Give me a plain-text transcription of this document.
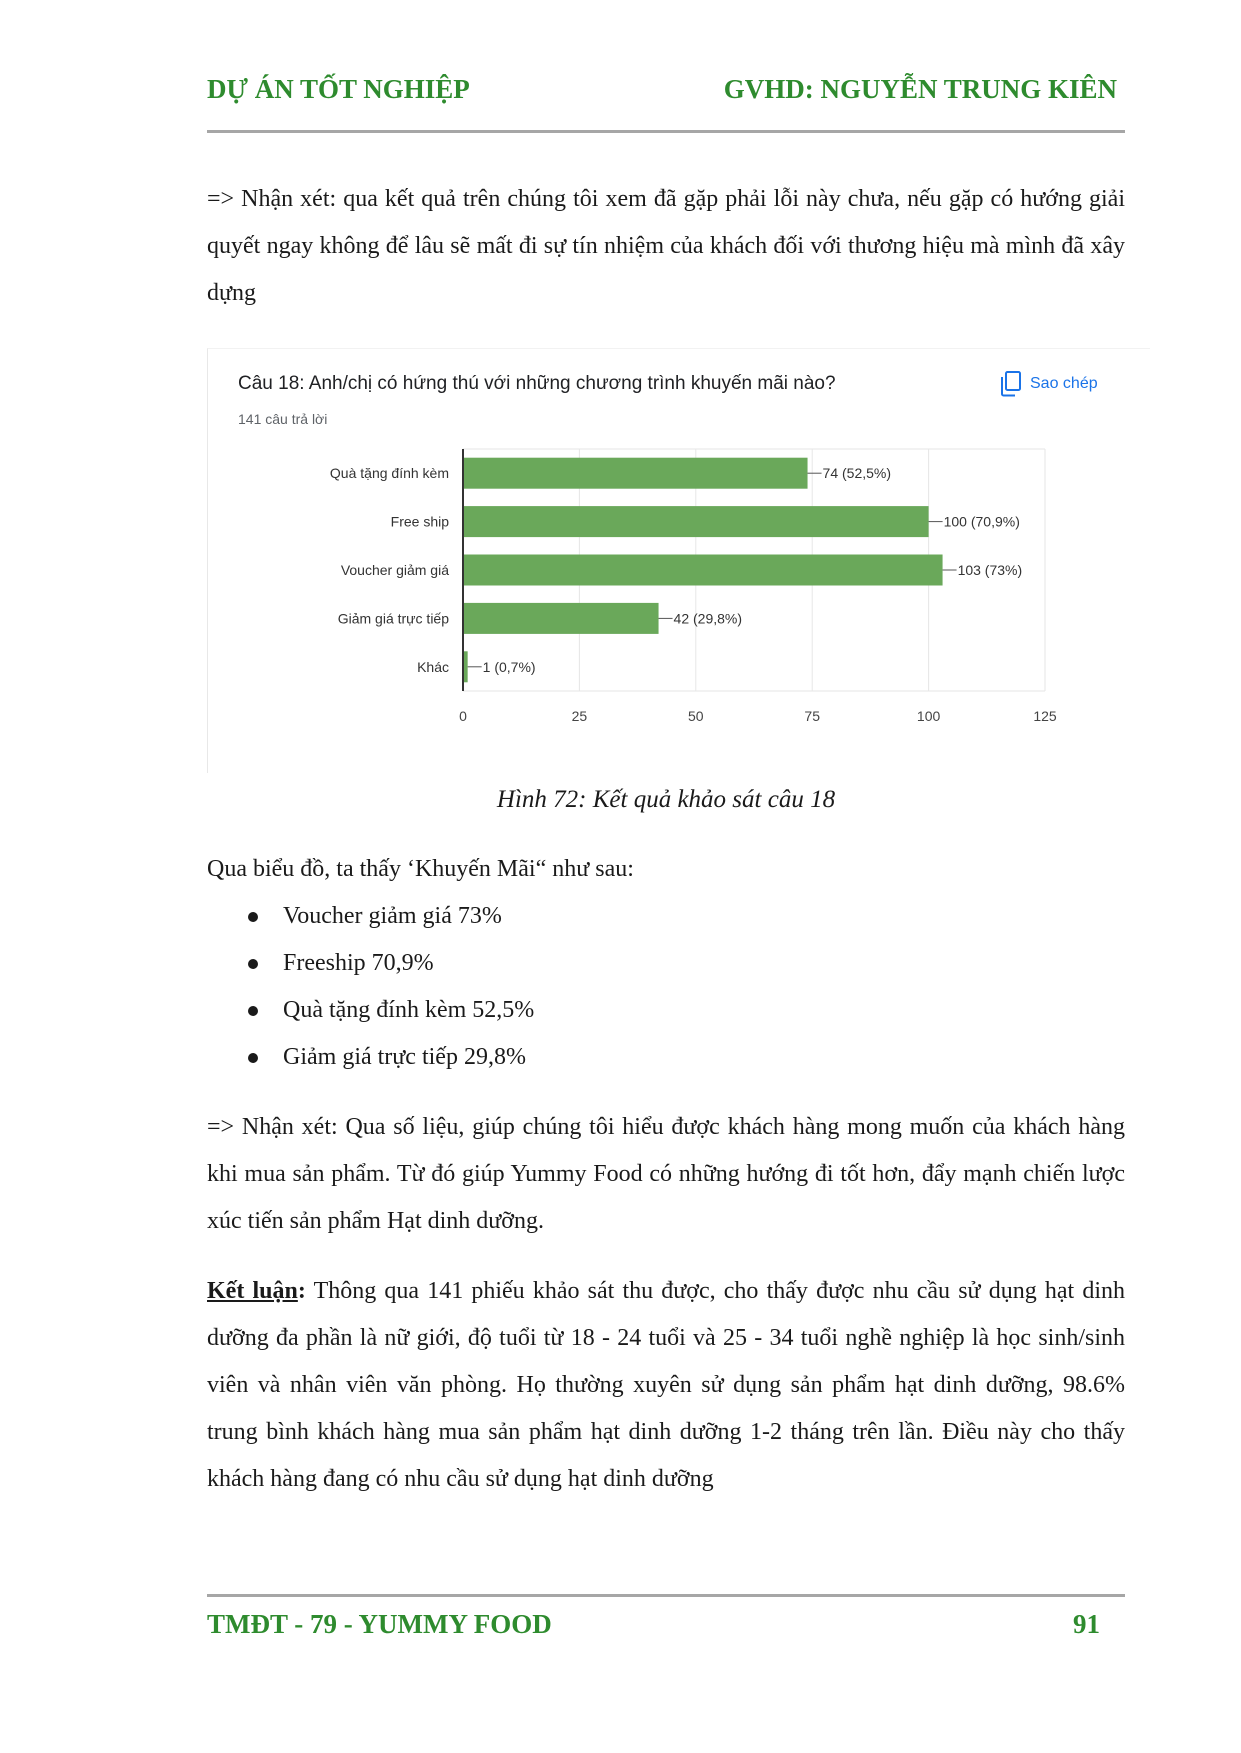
DỰ ÁN TỐT NGHIỆP	GVHD: NGUYỄN TRUNG KIÊN
=> Nhận xét: qua kết quả trên chúng tôi xem đã gặp phải lỗi này chưa, nếu gặp có hướng giải quyết ngay không để lâu sẽ mất đi sự tín nhiệm của khách đối với thương hiệu mà mình đã xây dựng
Câu 18: Anh/chị có hứng thú với những chương trình khuyến mãi nào?
141 câu trả lời
Sao chép
0	25	50	75	100	125
Quà tặng đính kèm	74 (52,5%)
Free ship	100 (70,9%)
Voucher giảm giá	103 (73%)
Giảm giá trực tiếp	42 (29,8%)
Khác 1 (0,7%)
Hình 72: Kết quả khảo sát câu 18
Qua biểu đồ, ta thấy ‘Khuyến Mãi“ như sau:
Voucher giảm giá 73%
Freeship 70,9%
Quà tặng đính kèm 52,5%
Giảm giá trực tiếp 29,8%
=> Nhận xét: Qua số liệu, giúp chúng tôi hiểu được khách hàng mong muốn của khách hàng khi mua sản phẩm. Từ đó giúp Yummy Food có những hướng đi tốt hơn, đẩy mạnh chiến lược xúc tiến sản phẩm Hạt dinh dưỡng.
Kết luận: Thông qua 141 phiếu khảo sát thu được, cho thấy được nhu cầu sử dụng hạt dinh dưỡng đa phần là nữ giới, độ tuổi từ 18 - 24 tuổi và 25 - 34 tuổi nghề nghiệp là học sinh/sinh viên và nhân viên văn phòng. Họ thường xuyên sử dụng sản phẩm hạt dinh dưỡng, 98.6% trung bình khách hàng mua sản phẩm hạt dinh dưỡng 1-2 tháng trên lần. Điều này cho thấy khách hàng đang có nhu cầu sử dụng hạt dinh dưỡng
TMĐT - 79 - YUMMY FOOD	91
